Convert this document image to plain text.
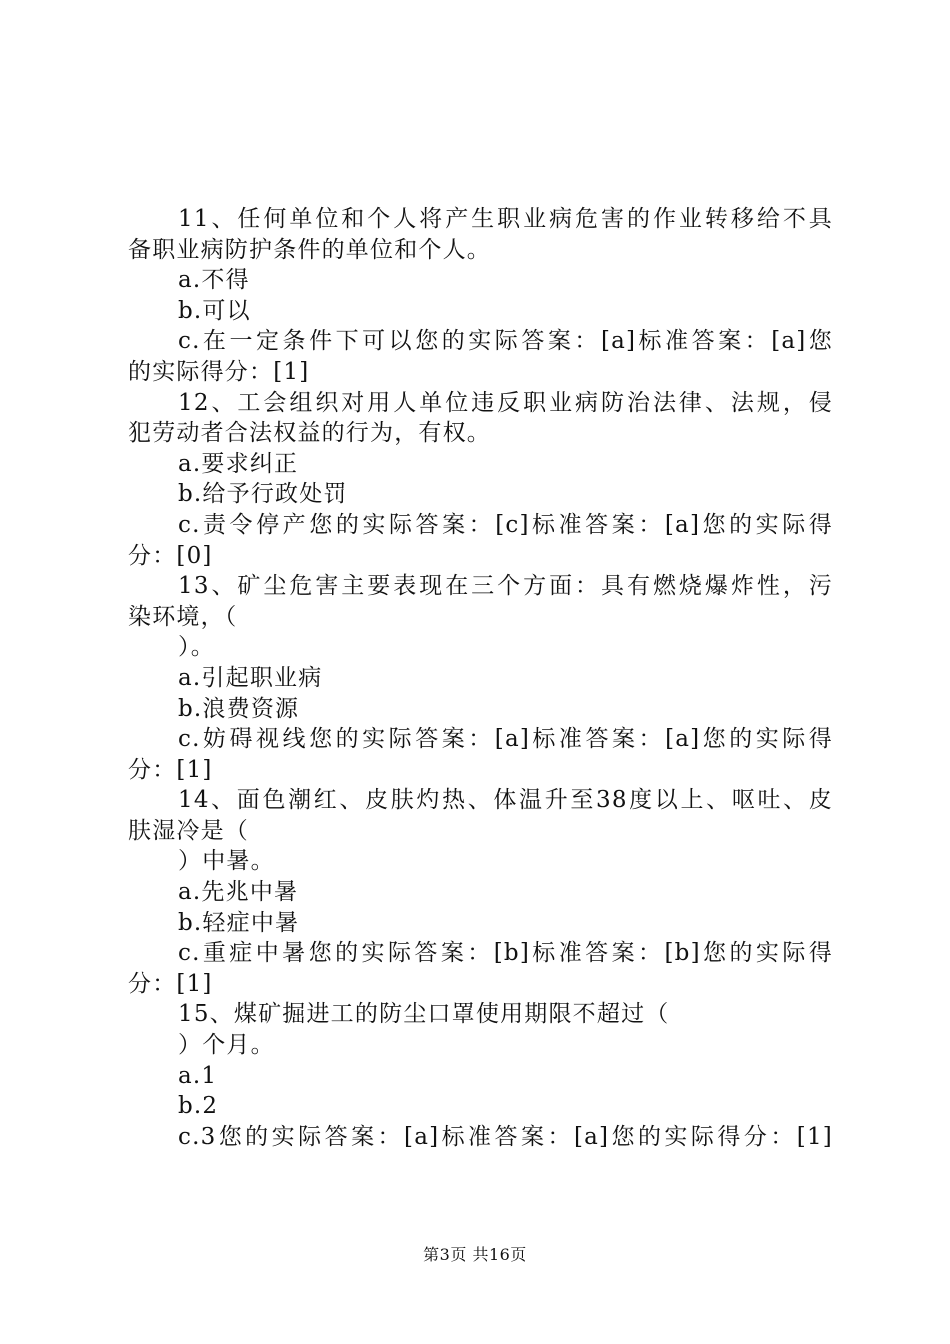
11、任何单位和个人将产生职业病危害的作业转移给不具
备职业病防护条件的单位和个人。
a.不得
b.可以
c.在一定条件下可以您的实际答案：[a]标准答案：[a]您
的实际得分：[1]
12、工会组织对用人单位违反职业病防治法律、法规，侵
犯劳动者合法权益的行为，有权。
a.要求纠正
b.给予行政处罚
c.责令停产您的实际答案：[c]标准答案：[a]您的实际得
分：[0]
13、矿尘危害主要表现在三个方面：具有燃烧爆炸性，污
染环境，（
）。
a.引起职业病
b.浪费资源
c.妨碍视线您的实际答案：[a]标准答案：[a]您的实际得
分：[1]
14、面色潮红、皮肤灼热、体温升至38度以上、呕吐、皮
肤湿冷是（
）中暑。
a.先兆中暑
b.轻症中暑
c.重症中暑您的实际答案：[b]标准答案：[b]您的实际得
分：[1]
15、煤矿掘进工的防尘口罩使用期限不超过（
）个月。
a.1
b.2
c.3您的实际答案：[a]标准答案：[a]您的实际得分：[1]
第3页 共16页
